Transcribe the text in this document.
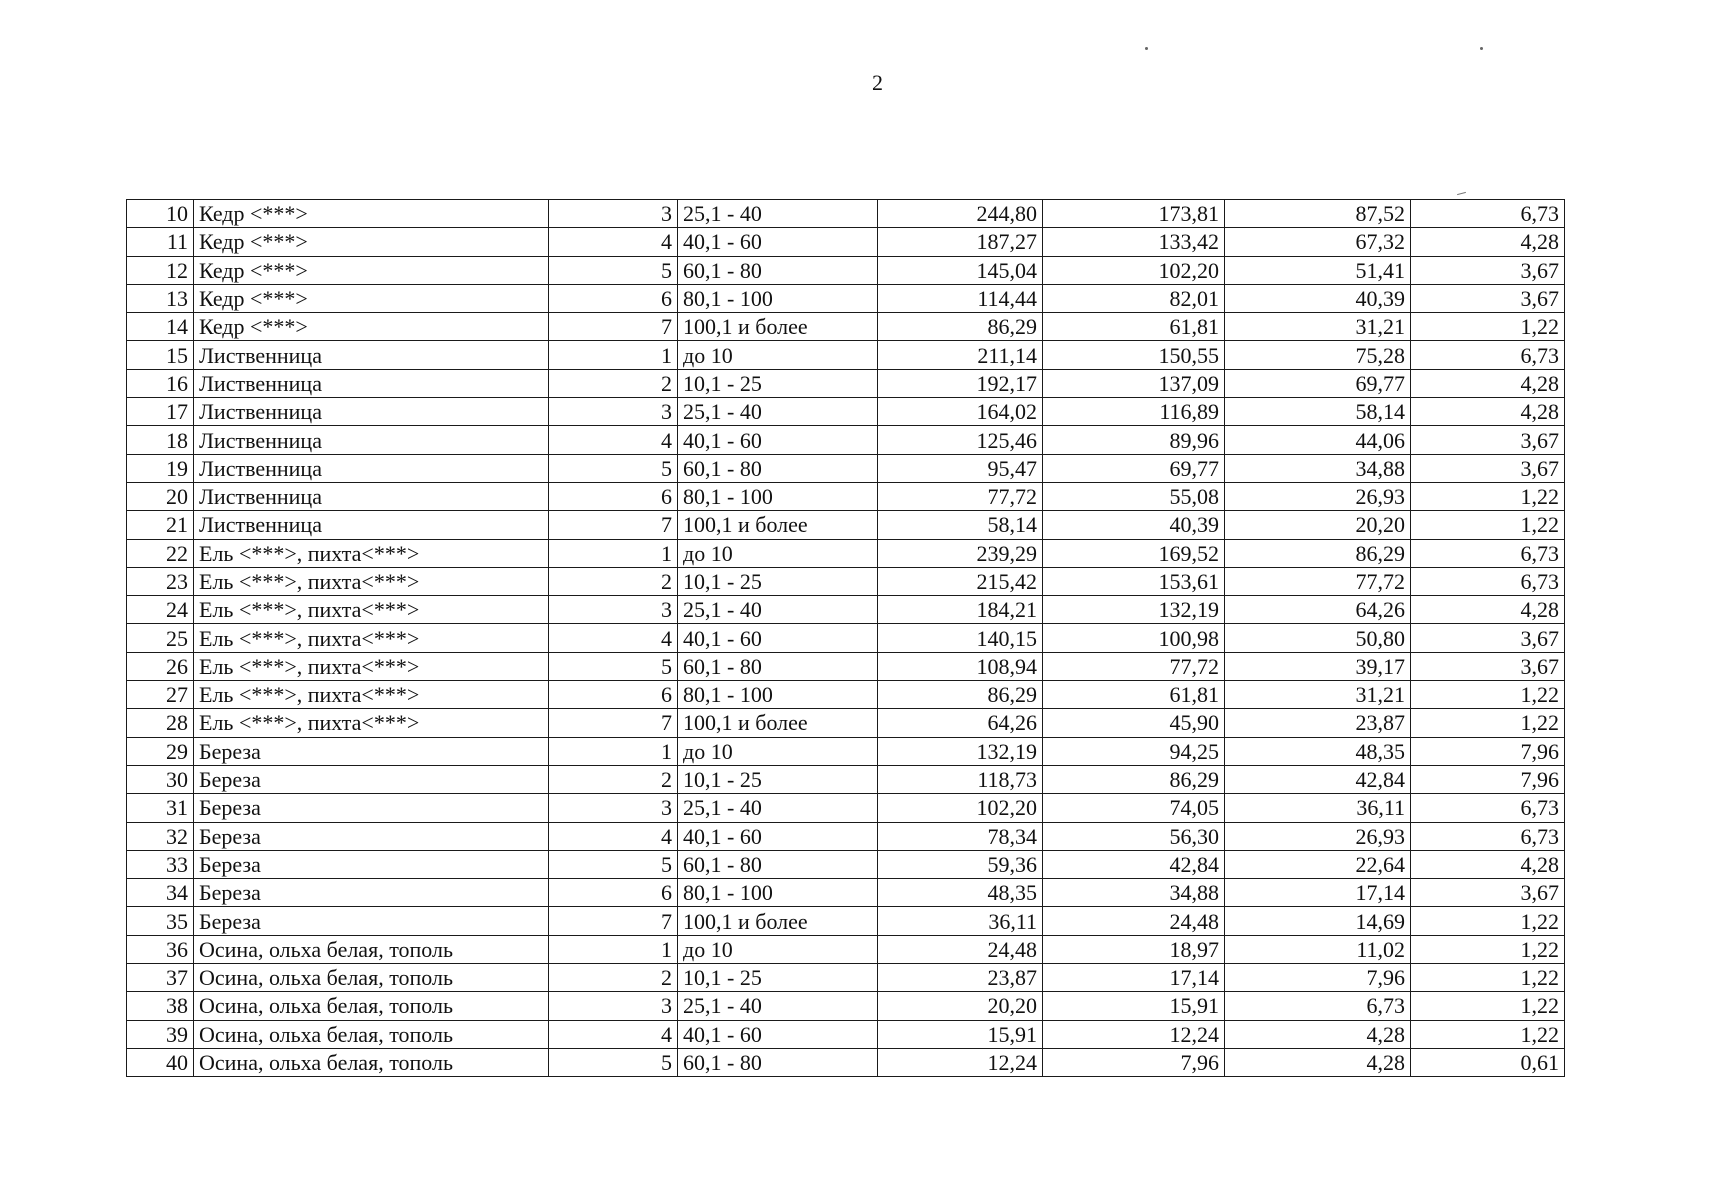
2
10	Кедр <***>	3	25,1 - 40	244,80	173,81	87,52	6,73
11	Кедр <***>	4	40,1 - 60	187,27	133,42	67,32	4,28
12	Кедр <***>	5	60,1 - 80	145,04	102,20	51,41	3,67
13	Кедр <***>	6	80,1 - 100	114,44	82,01	40,39	3,67
14	Кедр <***>	7	100,1 и более	86,29	61,81	31,21	1,22
15	Лиственница	1	до 10	211,14	150,55	75,28	6,73
16	Лиственница	2	10,1 - 25	192,17	137,09	69,77	4,28
17	Лиственница	3	25,1 - 40	164,02	116,89	58,14	4,28
18	Лиственница	4	40,1 - 60	125,46	89,96	44,06	3,67
19	Лиственница	5	60,1 - 80	95,47	69,77	34,88	3,67
20	Лиственница	6	80,1 - 100	77,72	55,08	26,93	1,22
21	Лиственница	7	100,1 и более	58,14	40,39	20,20	1,22
22	Ель <***>, пихта<***>	1	до 10	239,29	169,52	86,29	6,73
23	Ель <***>, пихта<***>	2	10,1 - 25	215,42	153,61	77,72	6,73
24	Ель <***>, пихта<***>	3	25,1 - 40	184,21	132,19	64,26	4,28
25	Ель <***>, пихта<***>	4	40,1 - 60	140,15	100,98	50,80	3,67
26	Ель <***>, пихта<***>	5	60,1 - 80	108,94	77,72	39,17	3,67
27	Ель <***>, пихта<***>	6	80,1 - 100	86,29	61,81	31,21	1,22
28	Ель <***>, пихта<***>	7	100,1 и более	64,26	45,90	23,87	1,22
29	Береза	1	до 10	132,19	94,25	48,35	7,96
30	Береза	2	10,1 - 25	118,73	86,29	42,84	7,96
31	Береза	3	25,1 - 40	102,20	74,05	36,11	6,73
32	Береза	4	40,1 - 60	78,34	56,30	26,93	6,73
33	Береза	5	60,1 - 80	59,36	42,84	22,64	4,28
34	Береза	6	80,1 - 100	48,35	34,88	17,14	3,67
35	Береза	7	100,1 и более	36,11	24,48	14,69	1,22
36	Осина, ольха белая, тополь	1	до 10	24,48	18,97	11,02	1,22
37	Осина, ольха белая, тополь	2	10,1 - 25	23,87	17,14	7,96	1,22
38	Осина, ольха белая, тополь	3	25,1 - 40	20,20	15,91	6,73	1,22
39	Осина, ольха белая, тополь	4	40,1 - 60	15,91	12,24	4,28	1,22
40	Осина, ольха белая, тополь	5	60,1 - 80	12,24	7,96	4,28	0,61
